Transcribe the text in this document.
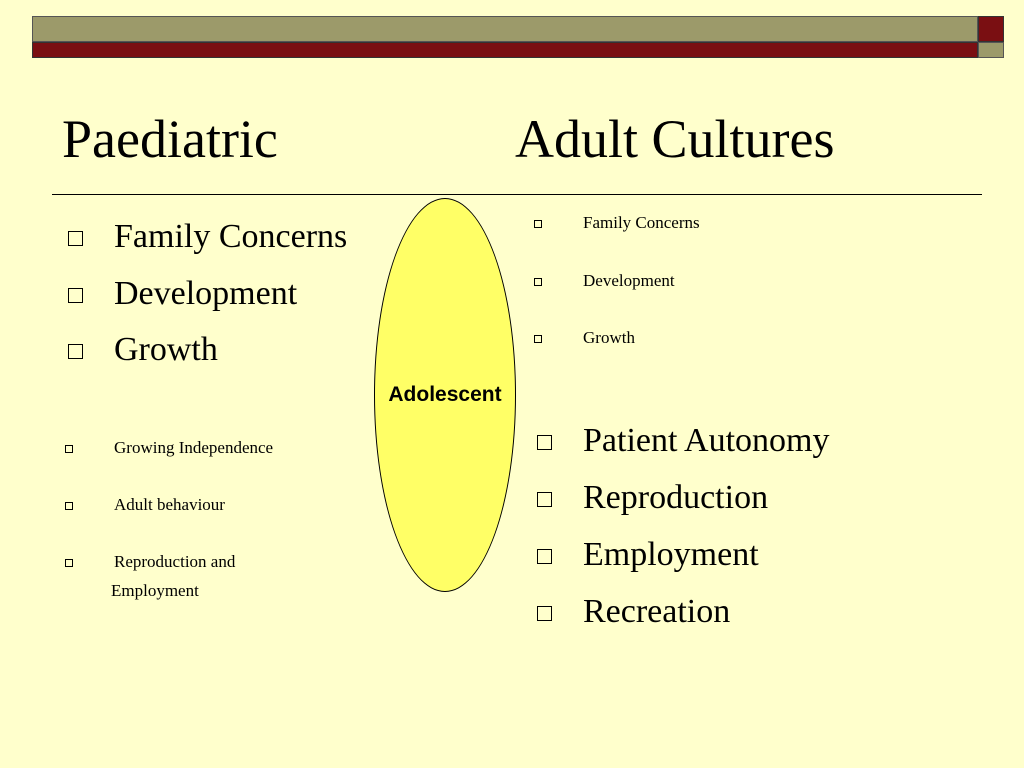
Paediatric	Adult Cultures
Adolescent
Family Concerns
Development
Growth
Growing Independence
Adult behaviour
Reproduction and
Employment
Family Concerns
Development
Growth
Patient Autonomy
Reproduction
Employment
Recreation
